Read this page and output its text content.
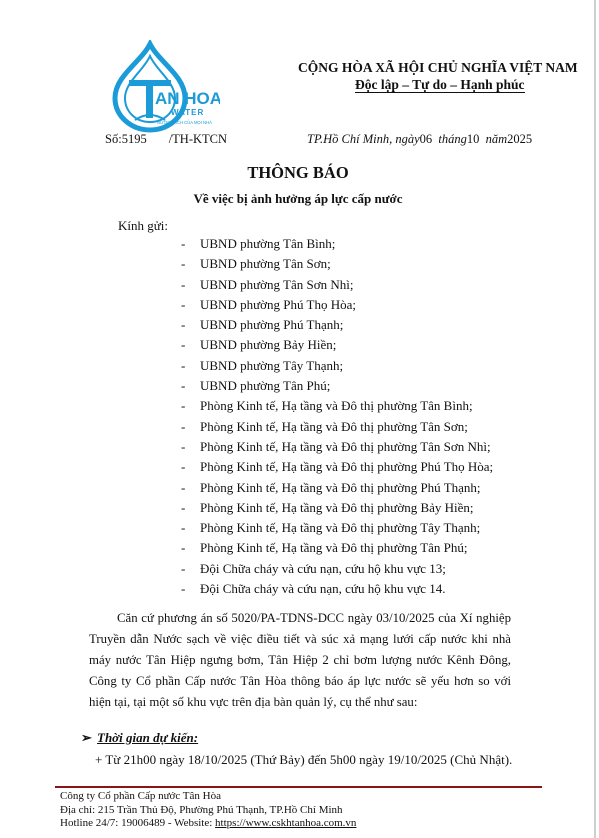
AN HOA
WATER
NƯỚC SẠCH CỦA MỌI NHÀ
CỘNG HÒA XÃ HỘI CHỦ NGHĨA VIỆT NAM
Độc lập – Tự do – Hạnh phúc
Số:5195 /TH-KTCN	TP.Hồ Chí Minh, ngày06 tháng10 năm2025
THÔNG BÁO
Về việc bị ảnh hưởng áp lực cấp nước
Kính gửi:
- UBND phường Tân Bình;
- UBND phường Tân Sơn;
- UBND phường Tân Sơn Nhì;
- UBND phường Phú Thọ Hòa;
- UBND phường Phú Thạnh;
- UBND phường Bảy Hiền;
- UBND phường Tây Thạnh;
- UBND phường Tân Phú;
- Phòng Kinh tế, Hạ tầng và Đô thị phường Tân Bình;
- Phòng Kinh tế, Hạ tầng và Đô thị phường Tân Sơn;
- Phòng Kinh tế, Hạ tầng và Đô thị phường Tân Sơn Nhì;
- Phòng Kinh tế, Hạ tầng và Đô thị phường Phú Thọ Hòa;
- Phòng Kinh tế, Hạ tầng và Đô thị phường Phú Thạnh;
- Phòng Kinh tế, Hạ tầng và Đô thị phường Bảy Hiền;
- Phòng Kinh tế, Hạ tầng và Đô thị phường Tây Thạnh;
- Phòng Kinh tế, Hạ tầng và Đô thị phường Tân Phú;
- Đội Chữa cháy và cứu nạn, cứu hộ khu vực 13;
- Đội Chữa cháy và cứu nạn, cứu hộ khu vực 14.

Căn cứ phương án số 5020/PA-TDNS-DCC ngày 03/10/2025 của Xí nghiệp Truyền dẫn Nước sạch về việc điều tiết và súc xả mạng lưới cấp nước khi nhà máy nước Tân Hiệp ngưng bơm, Tân Hiệp 2 chỉ bơm lượng nước Kênh Đông, Công ty Cổ phần Cấp nước Tân Hòa thông báo áp lực nước sẽ yếu hơn so với hiện tại, tại một số khu vực trên địa bàn quản lý, cụ thể như sau:

➢ Thời gian dự kiến:
+ Từ 21h00 ngày 18/10/2025 (Thứ Bảy) đến 5h00 ngày 19/10/2025 (Chủ Nhật).
Công ty Cổ phần Cấp nước Tân Hòa
Địa chỉ: 215 Trần Thủ Độ, Phường Phú Thạnh, TP.Hồ Chí Minh
Hotline 24/7: 19006489 - Website: https://www.cskhtanhoa.com.vn
